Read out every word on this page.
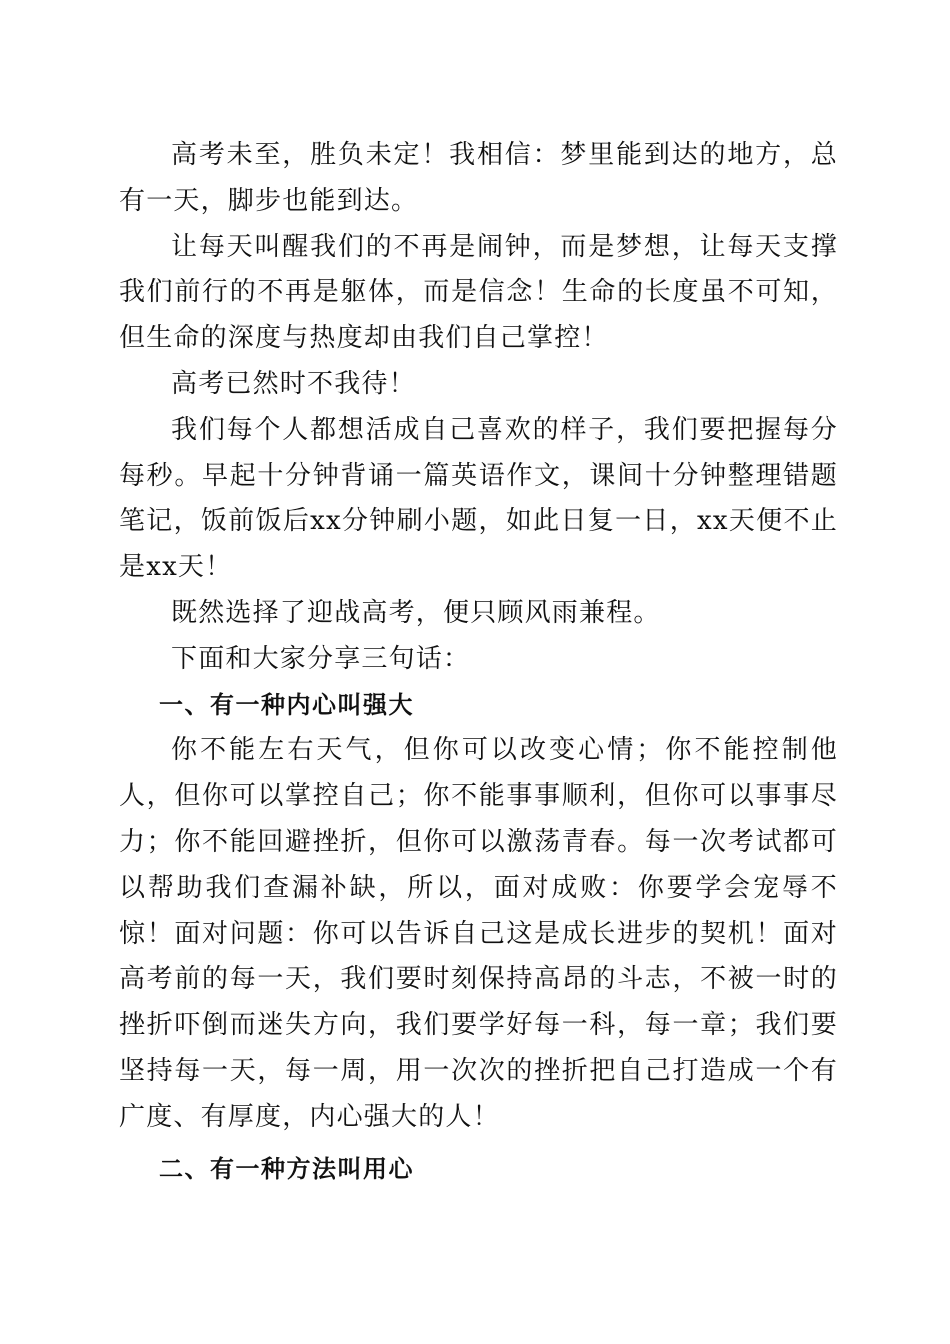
高考未至，胜负未定！我相信：梦里能到达的地方，总有一天，脚步也能到达。

让每天叫醒我们的不再是闹钟，而是梦想，让每天支撑我们前行的不再是躯体，而是信念！生命的长度虽不可知，但生命的深度与热度却由我们自己掌控！

高考已然时不我待！

我们每个人都想活成自己喜欢的样子，我们要把握每分每秒。早起十分钟背诵一篇英语作文，课间十分钟整理错题笔记，饭前饭后xx分钟刷小题，如此日复一日，xx天便不止是xx天！

既然选择了迎战高考，便只顾风雨兼程。

下面和大家分享三句话：

一、有一种内心叫强大

你不能左右天气，但你可以改变心情；你不能控制他人，但你可以掌控自己；你不能事事顺利，但你可以事事尽力；你不能回避挫折，但你可以激荡青春。每一次考试都可以帮助我们查漏补缺，所以，面对成败：你要学会宠辱不惊！面对问题：你可以告诉自己这是成长进步的契机！面对高考前的每一天，我们要时刻保持高昂的斗志，不被一时的挫折吓倒而迷失方向，我们要学好每一科，每一章；我们要坚持每一天，每一周，用一次次的挫折把自己打造成一个有广度、有厚度，内心强大的人！

二、有一种方法叫用心
